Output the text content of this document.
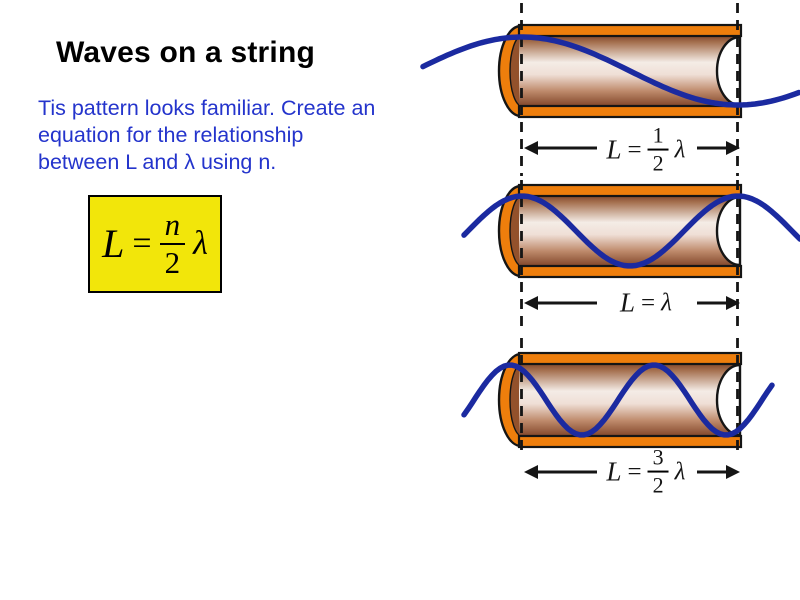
Waves on a string
Tis pattern looks familiar. Create an
equation for the relationship
between L and λ using n.
$L = \frac{n}{2}$ λ
$L = \frac{1}{2}$ λ
L = λ
$L = \frac{3}{2}$ λ
